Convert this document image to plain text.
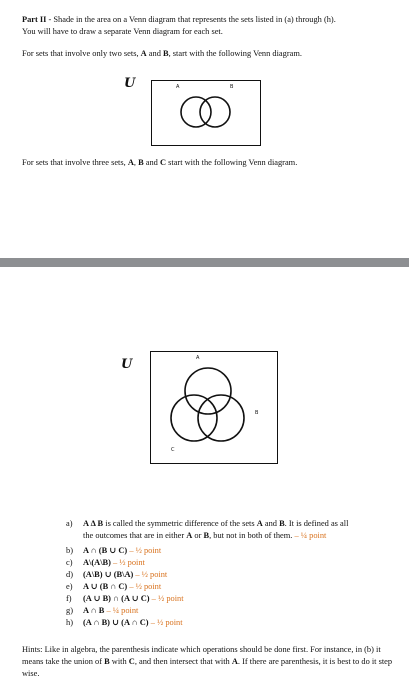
Part II - Shade in the area on a Venn diagram that represents the sets listed in (a) through (h).
You will have to draw a separate Venn diagram for each set.
For sets that involve only two sets, A and B, start with the following Venn diagram.
U	A	B
For sets that involve three sets, A, B and C start with the following Venn diagram.
U	A
C
B
a) A Δ B is called the symmetric difference of the sets A and B. It is defined as all
the outcomes that are in either A or B, but not in both of them. – ¼ point
b) A ∩ (B ∪ C) – ½ point
c) A\(A\B) – ½ point
d) (A\B) ∪ (B\A) – ½ point
e) A ∪ (B ∩ C) – ½ point
f) (A ∪ B) ∩ (A ∪ C) – ½ point
g) A ∩ B – ¼ point
h) (A ∩ B) ∪ (A ∩ C) – ½ point
Hints: Like in algebra, the parenthesis indicate which operations should be done first. For instance, in (b) it means take the union of B with C, and then intersect that with A. If there are parenthesis, it is best to do it step wise.
